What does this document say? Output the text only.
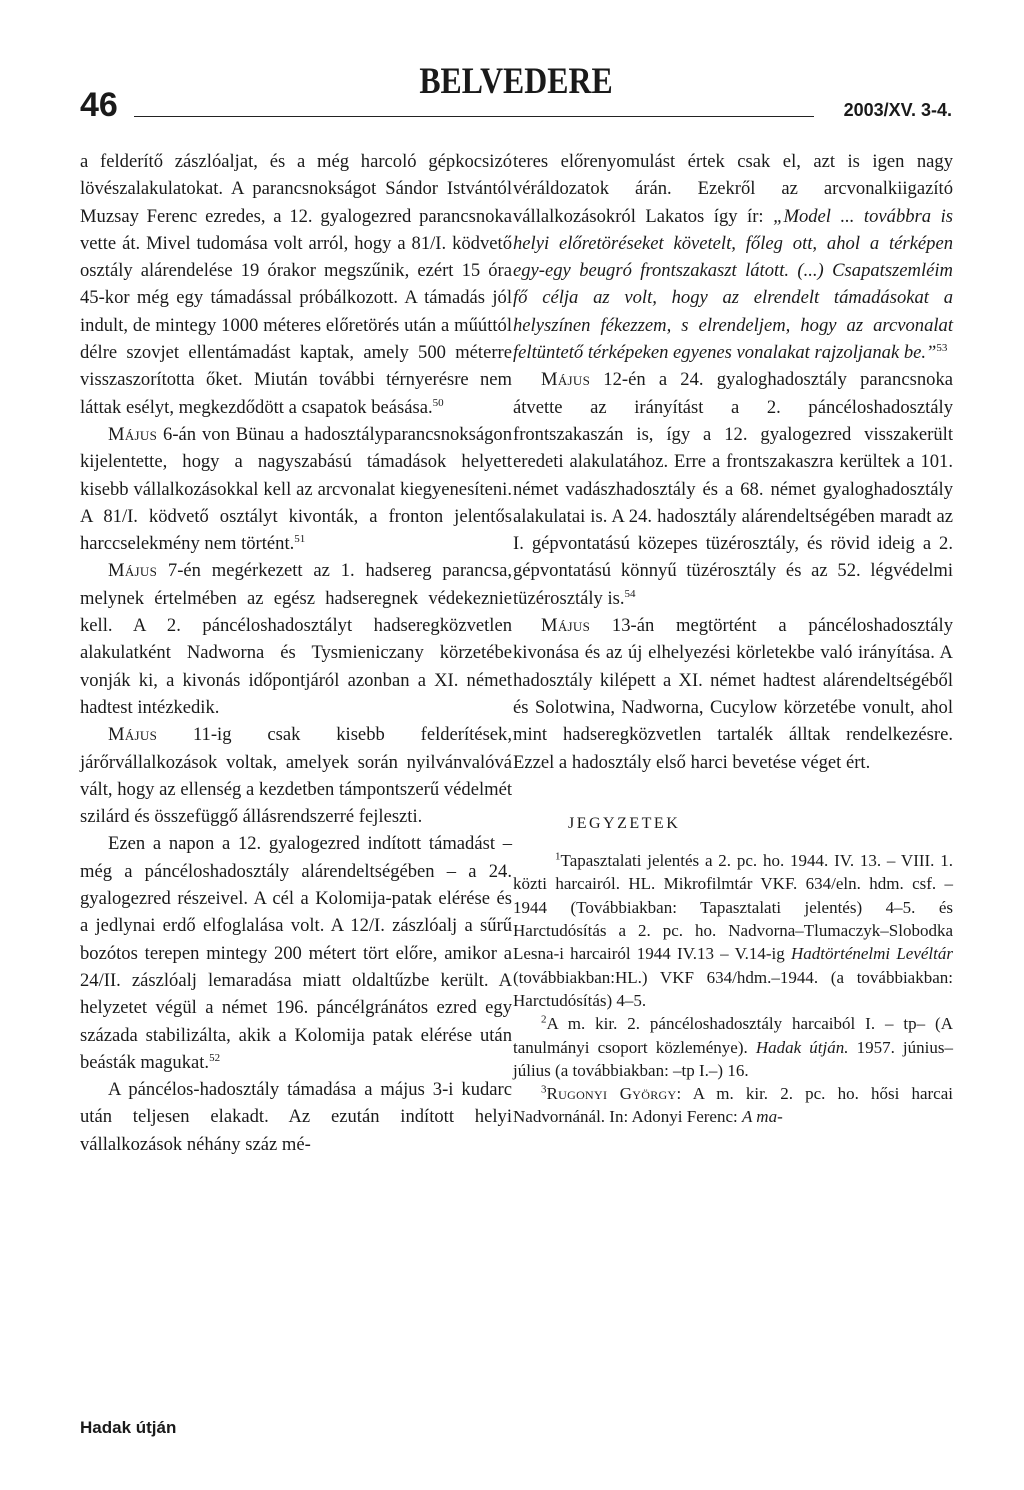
46
BELVEDERE
2003/XV. 3-4.

a felderítő zászlóaljat, és a még harcoló gépkocsizó lövészalakulatokat. A parancsnokságot Sándor Istvántól Muzsay Ferenc ezredes, a 12. gyalogezred parancsnoka vette át. Mivel tudomása volt arról, hogy a 81/I. ködvető osztály alárendelése 19 órakor megszűnik, ezért 15 óra 45-kor még egy támadással próbálkozott. A támadás jól indult, de mintegy 1000 méteres előretörés után a műúttól délre szovjet ellentámadást kaptak, amely 500 méterre visszaszorította őket. Miután további térnyerésre nem láttak esélyt, megkezdődött a csapatok beásása.$^{50}$

Május 6-án von Bünau a hadosztályparancsnokságon kijelentette, hogy a nagyszabású támadások helyett kisebb vállalkozásokkal kell az arcvonalat kiegyenesíteni. A 81/I. ködvető osztályt kivonták, a fronton jelentős harccselekmény nem történt.$^{51}$

Május 7-én megérkezett az 1. hadsereg parancsa, melynek értelmében az egész hadseregnek védekeznie kell. A 2. páncéloshadosztályt hadseregközvetlen alakulatként Nadworna és Tysmieniczany körzetébe vonják ki, a kivonás időpontjáról azonban a XI. német hadtest intézkedik.

Május 11-ig csak kisebb felderítések, járőrvállalkozások voltak, amelyek során nyilvánvalóvá vált, hogy az ellenség a kezdetben támpontszerű védelmét szilárd és összefüggő állásrendszerré fejleszti.

Ezen a napon a 12. gyalogezred indított támadást – még a páncéloshadosztály alárendeltségében – a 24. gyalogezred részeivel. A cél a Kolomija-patak elérése és a jedlynai erdő elfoglalása volt. A 12/I. zászlóalj a sűrű bozótos terepen mintegy 200 métert tört előre, amikor a 24/II. zászlóalj lemaradása miatt oldaltűzbe került. A helyzetet végül a német 196. páncélgránátos ezred egy százada stabilizálta, akik a Kolomija patak elérése után beásták magukat.$^{52}$

A páncélos-hadosztály támadása a május 3-i kudarc után teljesen elakadt. Az ezután indított helyi vállalkozások néhány száz mé-

teres előrenyomulást értek csak el, azt is igen nagy véráldozatok árán. Ezekről az arcvonalkiigazító vállalkozásokról Lakatos így ír: „Model ... továbbra is helyi előretöréseket követelt, főleg ott, ahol a térképen egy-egy beugró frontszakaszt látott. (...) Csapatszemléim fő célja az volt, hogy az elrendelt támadásokat a helyszínen fékezzem, s elrendeljem, hogy az arcvonalat feltüntető térképeken egyenes vonalakat rajzoljanak be.”$^{53}$

Május 12-én a 24. gyaloghadosztály parancsnoka átvette az irányítást a 2. páncéloshadosztály frontszakaszán is, így a 12. gyalogezred visszakerült eredeti alakulatához. Erre a frontszakaszra kerültek a 101. német vadászhadosztály és a 68. német gyaloghadosztály alakulatai is. A 24. hadosztály alárendeltségében maradt az I. gépvontatású közepes tüzérosztály, és rövid ideig a 2. gépvontatású könnyű tüzérosztály és az 52. légvédelmi tüzérosztály is.$^{54}$

Május 13-án megtörtént a páncéloshadosztály kivonása és az új elhelyezési körletekbe való irányítása. A hadosztály kilépett a XI. német hadtest alárendeltségéből és Solotwina, Nadworna, Cucylow körzetébe vonult, ahol mint hadseregközvetlen tartalék álltak rendelkezésre. Ezzel a hadosztály első harci bevetése véget ért.

JEGYZETEK

$^1$Tapasztalati jelentés a 2. pc. ho. 1944. IV. 13. – VIII. 1. közti harcairól. HL. Mikrofilmtár VKF. 634/eln. hdm. csf. – 1944 (Továbbiakban: Tapasztalati jelentés) 4–5. és Harctudósítás a 2. pc. ho. Nadvorna–Tlumaczyk–Slobodka Lesna-i harcairól 1944 IV.13 – V.14-ig Hadtörténelmi Levéltár (továbbiakban:HL.) VKF 634/hdm.–1944. (a továbbiakban: Harctudósítás) 4–5.

$^2$A m. kir. 2. páncéloshadosztály harcaiból I. – tp– (A tanulmányi csoport közleménye). Hadak útján. 1957. június–július (a továbbiakban: –tp I.–) 16.

$^3$Rugonyi György: A m. kir. 2. pc. ho. hősi harcai Nadvornánál. In: Adonyi Ferenc: A ma-

Hadak útján
